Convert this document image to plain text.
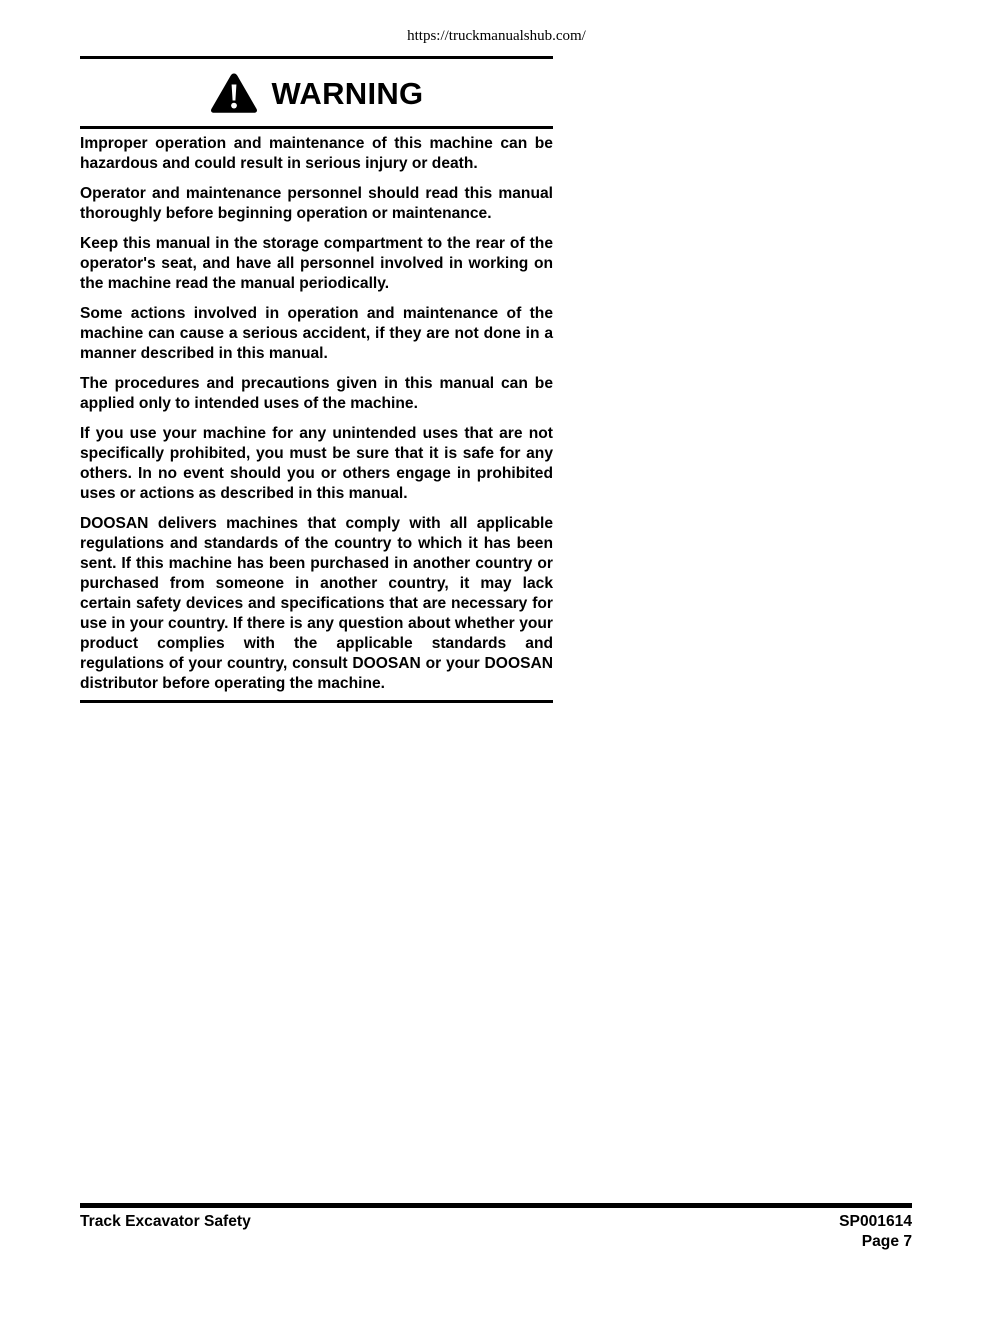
https://truckmanualshub.com/
WARNING

Improper operation and maintenance of this machine can be hazardous and could result in serious injury or death.

Operator and maintenance personnel should read this manual thoroughly before beginning operation or maintenance.

Keep this manual in the storage compartment to the rear of the operator's seat, and have all personnel involved in working on the machine read the manual periodically.

Some actions involved in operation and maintenance of the machine can cause a serious accident, if they are not done in a manner described in this manual.

The procedures and precautions given in this manual can be applied only to intended uses of the machine.

If you use your machine for any unintended uses that are not specifically prohibited, you must be sure that it is safe for any others. In no event should you or others engage in prohibited uses or actions as described in this manual.

DOOSAN delivers machines that comply with all applicable regulations and standards of the country to which it has been sent. If this machine has been purchased in another country or purchased from someone in another country, it may lack certain safety devices and specifications that are necessary for use in your country. If there is any question about whether your product complies with the applicable standards and regulations of your country, consult DOOSAN or your DOOSAN distributor before operating the machine.

Track Excavator Safety	SP001614
Page 7
